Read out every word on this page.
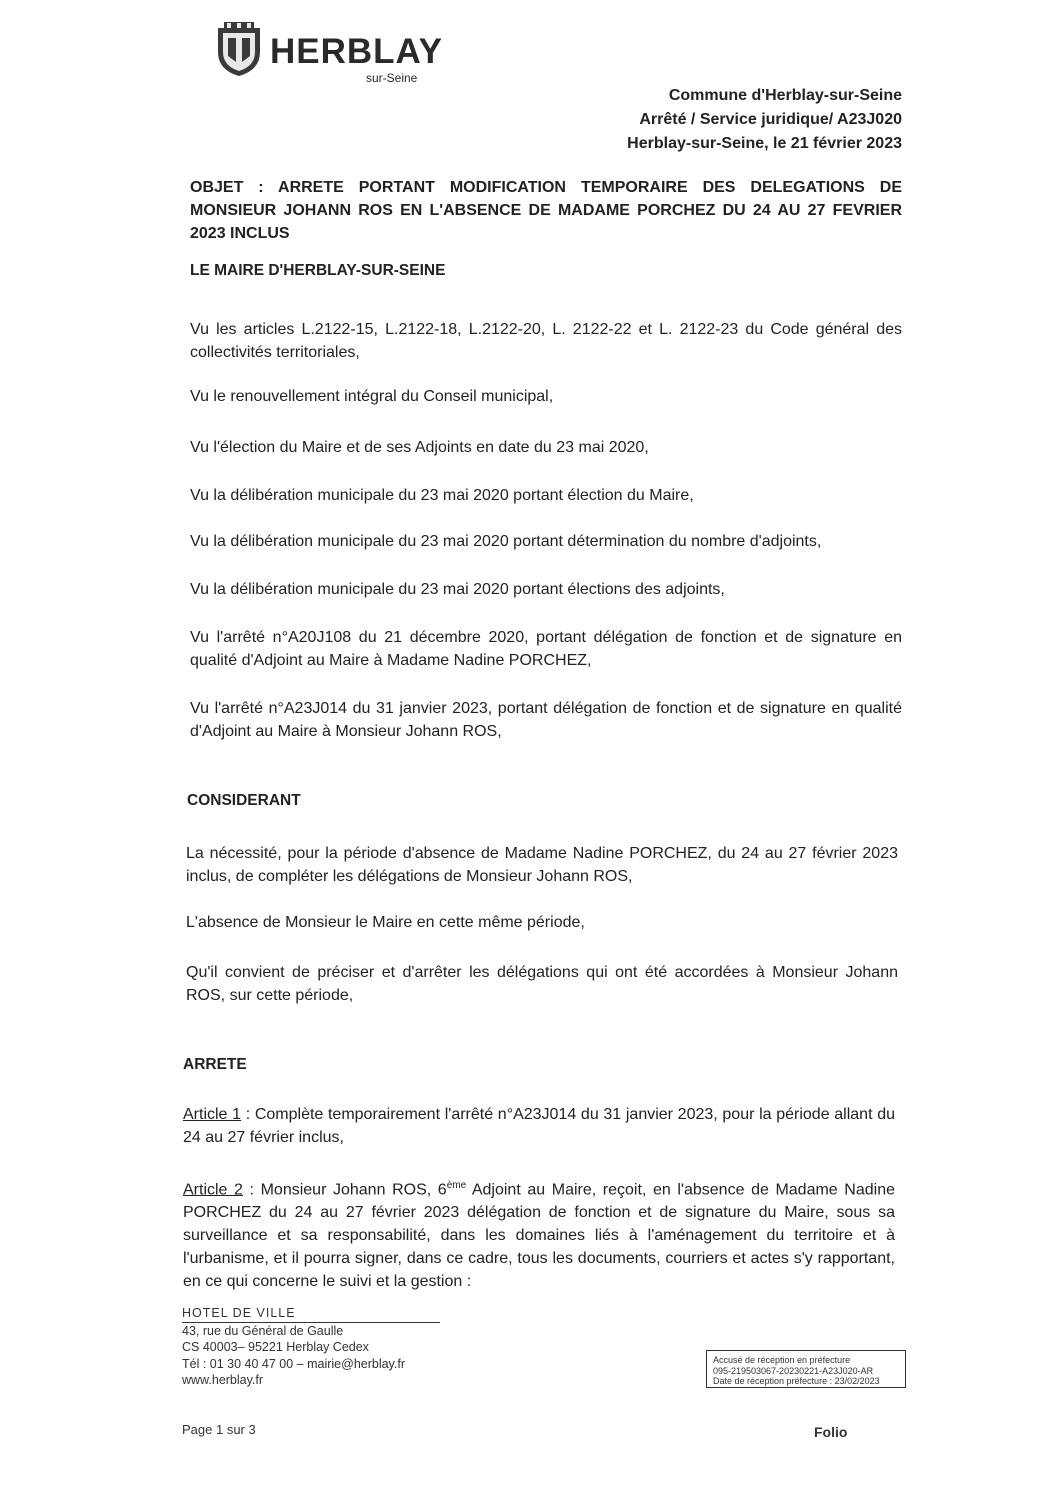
HERBLAY
sur-Seine
Commune d'Herblay-sur-Seine
Arrêté / Service juridique/ A23J020
Herblay-sur-Seine, le 21 février 2023
OBJET : ARRETE PORTANT MODIFICATION TEMPORAIRE DES DELEGATIONS DE MONSIEUR JOHANN ROS EN L'ABSENCE DE MADAME PORCHEZ DU 24 AU 27 FEVRIER 2023 INCLUS
LE MAIRE D'HERBLAY-SUR-SEINE
Vu les articles L.2122-15, L.2122-18, L.2122-20, L. 2122-22 et L. 2122-23 du Code général des collectivités territoriales,
Vu le renouvellement intégral du Conseil municipal,
Vu l'élection du Maire et de ses Adjoints en date du 23 mai 2020,
Vu la délibération municipale du 23 mai 2020 portant élection du Maire,
Vu la délibération municipale du 23 mai 2020 portant détermination du nombre d'adjoints,
Vu la délibération municipale du 23 mai 2020 portant élections des adjoints,
Vu l'arrêté n°A20J108 du 21 décembre 2020, portant délégation de fonction et de signature en qualité d'Adjoint au Maire à Madame Nadine PORCHEZ,
Vu l'arrêté n°A23J014 du 31 janvier 2023, portant délégation de fonction et de signature en qualité d'Adjoint au Maire à Monsieur Johann ROS,
CONSIDERANT
La nécessité, pour la période d'absence de Madame Nadine PORCHEZ, du 24 au 27 février 2023 inclus, de compléter les délégations de Monsieur Johann ROS,
L'absence de Monsieur le Maire en cette même période,
Qu'il convient de préciser et d'arrêter les délégations qui ont été accordées à Monsieur Johann ROS, sur cette période,
ARRETE
Article 1 : Complète temporairement l'arrêté n°A23J014 du 31 janvier 2023, pour la période allant du 24 au 27 février inclus,
Article 2 : Monsieur Johann ROS, 6ème Adjoint au Maire, reçoit, en l'absence de Madame Nadine PORCHEZ du 24 au 27 février 2023 délégation de fonction et de signature du Maire, sous sa surveillance et sa responsabilité, dans les domaines liés à l'aménagement du territoire et à l'urbanisme, et il pourra signer, dans ce cadre, tous les documents, courriers et actes s'y rapportant, en ce qui concerne le suivi et la gestion :
HOTEL DE VILLE
43, rue du Général de Gaulle
CS 40003– 95221 Herblay Cedex
Tél : 01 30 40 47 00 – mairie@herblay.fr
www.herblay.fr
Accusé de réception en préfecture
095-219503067-20230221-A23J020-AR
Date de réception préfecture : 23/02/2023
Page 1 sur 3	Folio
